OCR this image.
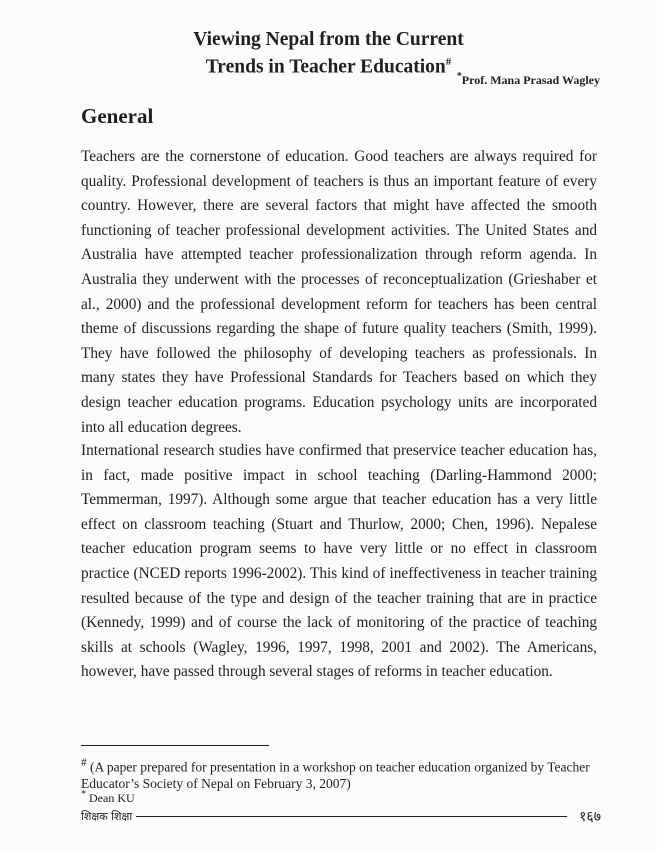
Viewing Nepal from the Current
Trends in Teacher Education#
*Prof. Mana Prasad Wagley
General

Teachers are the cornerstone of education. Good teachers are always required for quality. Professional development of teachers is thus an important feature of every country. However, there are several factors that might have affected the smooth functioning of teacher professional development activities. The United States and Australia have attempted teacher professionalization through reform agenda. In Australia they underwent with the processes of reconceptualization (Grieshaber et al., 2000) and the professional development reform for teachers has been central theme of discussions regarding the shape of future quality teachers (Smith, 1999). They have followed the philosophy of developing teachers as professionals. In many states they have Professional Standards for Teachers based on which they design teacher education programs. Education psychology units are incorporated into all education degrees.

International research studies have confirmed that preservice teacher education has, in fact, made positive impact in school teaching (Darling-Hammond 2000; Temmerman, 1997). Although some argue that teacher education has a very little effect on classroom teaching (Stuart and Thurlow, 2000; Chen, 1996). Nepalese teacher education program seems to have very little or no effect in classroom practice (NCED reports 1996-2002). This kind of ineffectiveness in teacher training resulted because of the type and design of the teacher training that are in practice (Kennedy, 1999) and of course the lack of monitoring of the practice of teaching skills at schools (Wagley, 1996, 1997, 1998, 2001 and 2002). The Americans, however, have passed through several stages of reforms in teacher education.

# (A paper prepared for presentation in a workshop on teacher education organized by Teacher Educator’s Society of Nepal on February 3, 2007)

* Dean KU

शिक्षक शिक्षा	१६७
